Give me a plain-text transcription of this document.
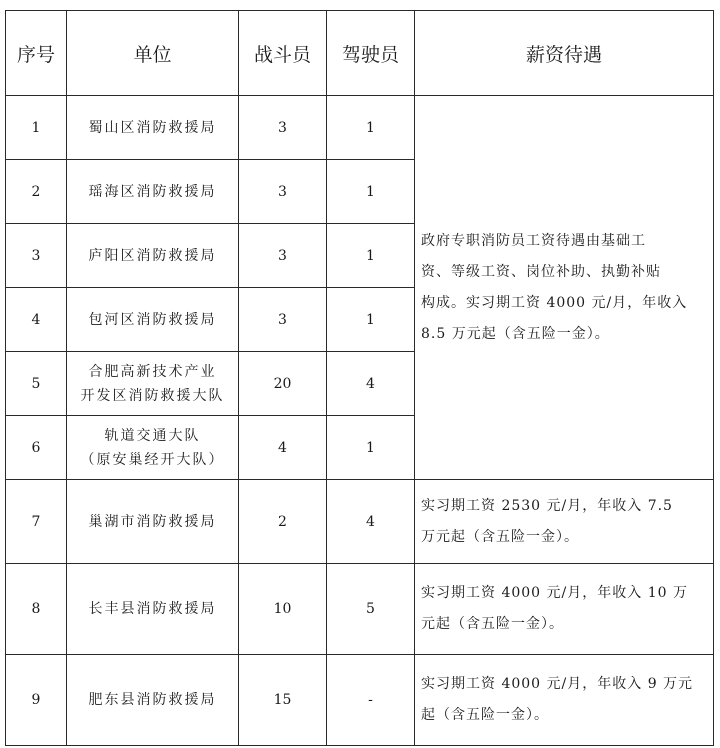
序号	单位	战斗员	驾驶员	薪资待遇
1	蜀山区消防救援局	3	1	政府专职消防员工资待遇由基础工
资、等级工资、岗位补助、执勤补贴
构成。实习期工资 4000 元/月，年收入
8.5 万元起（含五险一金）。

2	瑶海区消防救援局	3	1	
3	庐阳区消防救援局	3	1	
4	包河区消防救援局	3	1	
5	合肥高新技术产业
开发区消防救援大队	20	4	
6	轨道交通大队
（原安巢经开大队）	4	1	
7	巢湖市消防救援局	2	4	实习期工资 2530 元/月，年收入 7.5
万元起（含五险一金）。

8	长丰县消防救援局	10	5	实习期工资 4000 元/月，年收入 10 万
元起（含五险一金）。

9	肥东县消防救援局	15	-	实习期工资 4000 元/月，年收入 9 万元
起（含五险一金）。
